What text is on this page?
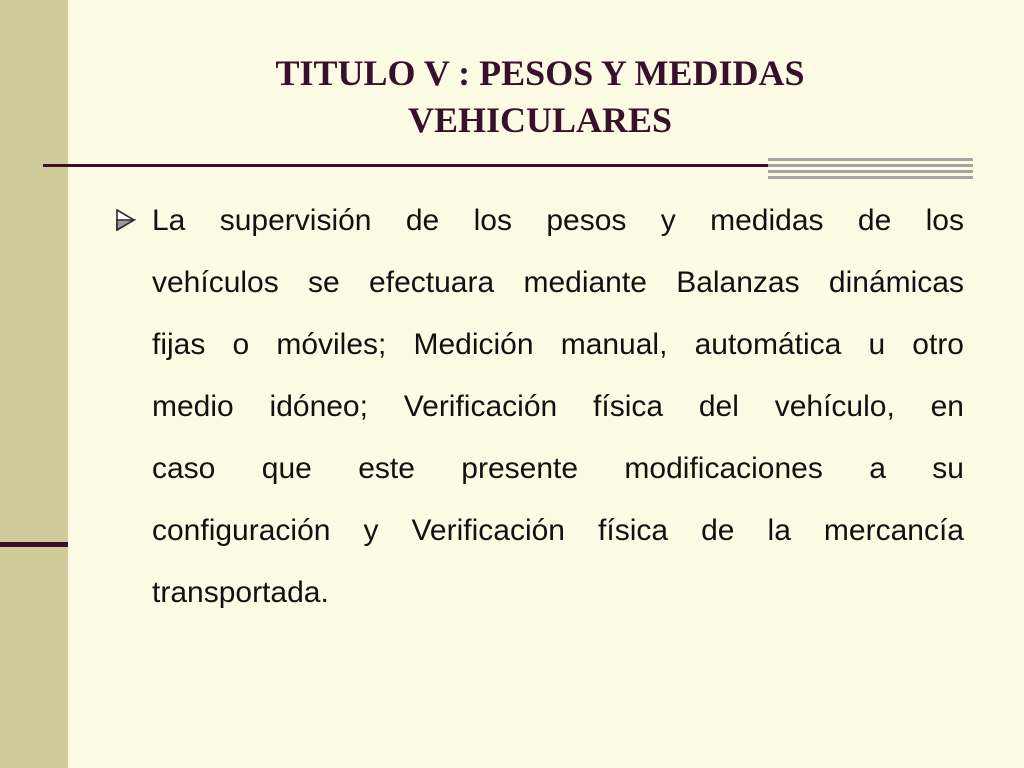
TITULO V : PESOS Y MEDIDAS
VEHICULARES

La supervisión de los pesos y medidas de los
vehículos se efectuara mediante Balanzas dinámicas
fijas o móviles; Medición manual, automática u otro
medio idóneo; Verificación física del vehículo, en
caso que este presente modificaciones a su
configuración y Verificación física de la mercancía
transportada.
